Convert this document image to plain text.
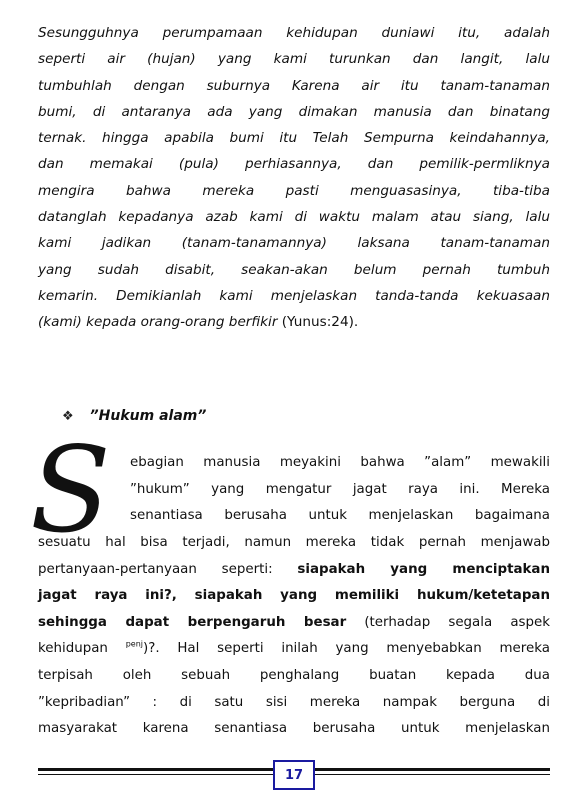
Sesungguhnya perumpamaan kehidupan duniawi itu, adalah
seperti air (hujan) yang kami turunkan dan langit, lalu
tumbuhlah dengan suburnya Karena air itu tanam-tanaman
bumi, di antaranya ada yang dimakan manusia dan binatang
ternak. hingga apabila bumi itu Telah Sempurna keindahannya,
dan memakai (pula) perhiasannya, dan pemilik-permliknya
mengira bahwa mereka pasti menguasasinya, tiba-tiba
datanglah kepadanya azab kami di waktu malam atau siang, lalu
kami jadikan (tanam-tanamannya) laksana tanam-tanaman
yang sudah disabit, seakan-akan belum pernah tumbuh
kemarin. Demikianlah kami menjelaskan tanda-tanda kekuasaan
(kami) kepada orang-orang berfikir (Yunus:24).
❖ ”Hukum alam”
S	ebagian manusia meyakini bahwa ”alam” mewakili
”hukum” yang mengatur jagat raya ini. Mereka
senantiasa berusaha untuk menjelaskan bagaimana
sesuatu hal bisa terjadi, namun mereka tidak pernah menjawab
pertanyaan-pertanyaan seperti: siapakah yang menciptakan
jagat raya ini?, siapakah yang memiliki hukum/ketetapan
sehingga dapat berpengaruh besar (terhadap segala aspek
kehidupan $^{penj}$)?. Hal seperti inilah yang menyebabkan mereka
terpisah oleh sebuah penghalang buatan kepada dua
”kepribadian” : di satu sisi mereka nampak berguna di
masyarakat karena senantiasa berusaha untuk menjelaskan
17
